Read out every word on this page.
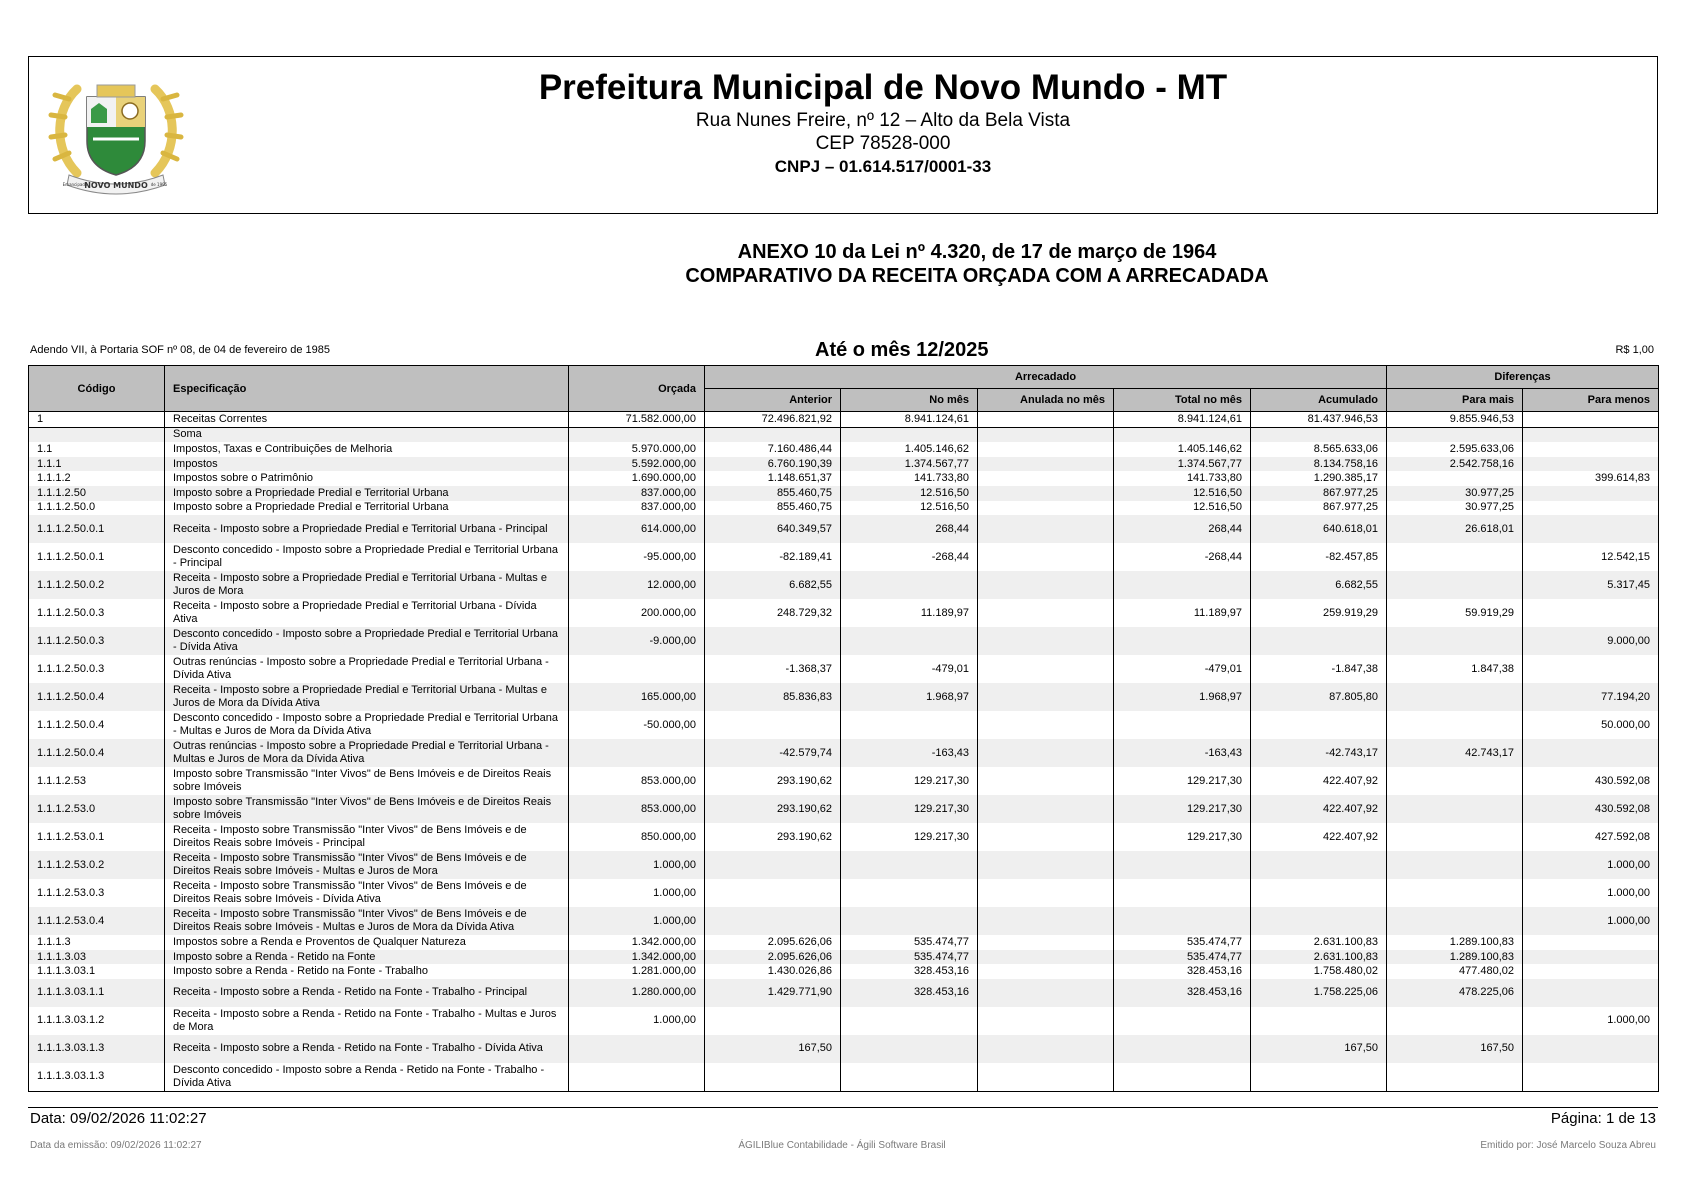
NOVO MUNDO
Emancipado	de 1995
Prefeitura Municipal de Novo Mundo - MT
Rua Nunes Freire, nº 12 – Alto da Bela Vista
CEP 78528-000
CNPJ – 01.614.517/0001-33
ANEXO 10 da Lei nº 4.320, de 17 de março de 1964
COMPARATIVO DA RECEITA ORÇADA COM A ARRECADADA
Adendo VII, à Portaria SOF nº 08, de 04 de fevereiro de 1985	Até o mês 12/2025	R$ 1,00
Código	Especificação	Orçada	Arrecadado					Diferenças	
			Anterior	No mês	Anulada no mês	Total no mês	Acumulado	Para mais	Para menos
1	Receitas Correntes	71.582.000,00	72.496.821,92	8.941.124,61		8.941.124,61	81.437.946,53	9.855.946,53	
	Soma								
1.1	Impostos, Taxas e Contribuições de Melhoria	5.970.000,00	7.160.486,44	1.405.146,62		1.405.146,62	8.565.633,06	2.595.633,06	
1.1.1	Impostos	5.592.000,00	6.760.190,39	1.374.567,77		1.374.567,77	8.134.758,16	2.542.758,16	
1.1.1.2	Impostos sobre o Patrimônio	1.690.000,00	1.148.651,37	141.733,80		141.733,80	1.290.385,17		399.614,83
1.1.1.2.50	Imposto sobre a Propriedade Predial e Territorial Urbana	837.000,00	855.460,75	12.516,50		12.516,50	867.977,25	30.977,25	
1.1.1.2.50.0	Imposto sobre a Propriedade Predial e Territorial Urbana	837.000,00	855.460,75	12.516,50		12.516,50	867.977,25	30.977,25	
1.1.1.2.50.0.1	Receita - Imposto sobre a Propriedade Predial e Territorial Urbana - Principal	614.000,00	640.349,57	268,44		268,44	640.618,01	26.618,01	
1.1.1.2.50.0.1	Desconto concedido - Imposto sobre a Propriedade Predial e Territorial Urbana - Principal	-95.000,00	-82.189,41	-268,44		-268,44	-82.457,85		12.542,15
1.1.1.2.50.0.2	Receita - Imposto sobre a Propriedade Predial e Territorial Urbana - Multas e Juros de Mora	12.000,00	6.682,55				6.682,55		5.317,45
1.1.1.2.50.0.3	Receita - Imposto sobre a Propriedade Predial e Territorial Urbana - Dívida Ativa	200.000,00	248.729,32	11.189,97		11.189,97	259.919,29	59.919,29	
1.1.1.2.50.0.3	Desconto concedido - Imposto sobre a Propriedade Predial e Territorial Urbana - Dívida Ativa	-9.000,00							9.000,00
1.1.1.2.50.0.3	Outras renúncias - Imposto sobre a Propriedade Predial e Territorial Urbana - Dívida Ativa		-1.368,37	-479,01		-479,01	-1.847,38	1.847,38	
1.1.1.2.50.0.4	Receita - Imposto sobre a Propriedade Predial e Territorial Urbana - Multas e Juros de Mora da Dívida Ativa	165.000,00	85.836,83	1.968,97		1.968,97	87.805,80		77.194,20
1.1.1.2.50.0.4	Desconto concedido - Imposto sobre a Propriedade Predial e Territorial Urbana - Multas e Juros de Mora da Dívida Ativa	-50.000,00							50.000,00
1.1.1.2.50.0.4	Outras renúncias - Imposto sobre a Propriedade Predial e Territorial Urbana - Multas e Juros de Mora da Dívida Ativa		-42.579,74	-163,43		-163,43	-42.743,17	42.743,17	
1.1.1.2.53	Imposto sobre Transmissão "Inter Vivos" de Bens Imóveis e de Direitos Reais sobre Imóveis	853.000,00	293.190,62	129.217,30		129.217,30	422.407,92		430.592,08
1.1.1.2.53.0	Imposto sobre Transmissão "Inter Vivos" de Bens Imóveis e de Direitos Reais sobre Imóveis	853.000,00	293.190,62	129.217,30		129.217,30	422.407,92		430.592,08
1.1.1.2.53.0.1	Receita - Imposto sobre Transmissão "Inter Vivos" de Bens Imóveis e de Direitos Reais sobre Imóveis - Principal	850.000,00	293.190,62	129.217,30		129.217,30	422.407,92		427.592,08
1.1.1.2.53.0.2	Receita - Imposto sobre Transmissão "Inter Vivos" de Bens Imóveis e de Direitos Reais sobre Imóveis - Multas e Juros de Mora	1.000,00							1.000,00
1.1.1.2.53.0.3	Receita - Imposto sobre Transmissão "Inter Vivos" de Bens Imóveis e de Direitos Reais sobre Imóveis - Dívida Ativa	1.000,00							1.000,00
1.1.1.2.53.0.4	Receita - Imposto sobre Transmissão "Inter Vivos" de Bens Imóveis e de Direitos Reais sobre Imóveis - Multas e Juros de Mora da Dívida Ativa	1.000,00							1.000,00
1.1.1.3	Impostos sobre a Renda e Proventos de Qualquer Natureza	1.342.000,00	2.095.626,06	535.474,77		535.474,77	2.631.100,83	1.289.100,83	
1.1.1.3.03	Imposto sobre a Renda - Retido na Fonte	1.342.000,00	2.095.626,06	535.474,77		535.474,77	2.631.100,83	1.289.100,83	
1.1.1.3.03.1	Imposto sobre a Renda - Retido na Fonte - Trabalho	1.281.000,00	1.430.026,86	328.453,16		328.453,16	1.758.480,02	477.480,02	
1.1.1.3.03.1.1	Receita - Imposto sobre a Renda - Retido na Fonte - Trabalho - Principal	1.280.000,00	1.429.771,90	328.453,16		328.453,16	1.758.225,06	478.225,06	
1.1.1.3.03.1.2	Receita - Imposto sobre a Renda - Retido na Fonte - Trabalho - Multas e Juros de Mora	1.000,00							1.000,00
1.1.1.3.03.1.3	Receita - Imposto sobre a Renda - Retido na Fonte - Trabalho - Dívida Ativa		167,50				167,50	167,50	
1.1.1.3.03.1.3	Desconto concedido - Imposto sobre a Renda - Retido na Fonte - Trabalho - Dívida Ativa								
Data: 09/02/2026 11:02:27	Página: 1 de 13
Data da emissão: 09/02/2026 11:02:27	ÁGILIBlue Contabilidade - Ágili Software Brasil	Emitido por: José Marcelo Souza Abreu
